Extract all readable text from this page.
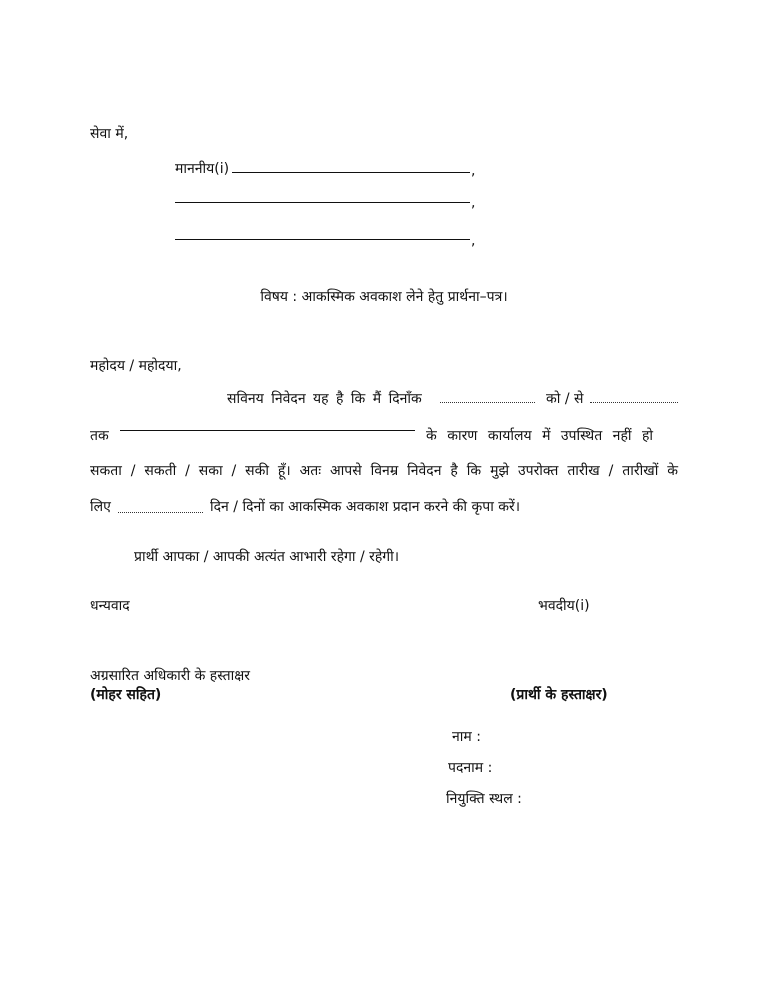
सेवा में,
माननीय(i)	,
,
,
विषय : आकस्मिक अवकाश लेने हेतु प्रार्थना–पत्र।
महोदय / महोदया,
सविनय निवेदन यह है कि मैं दिनाँक	को / से
तक	के कारण कार्यालय में उपस्थित नहीं हो
सकता / सकती / सका / सकी हूँ। अतः आपसे विनम्र निवेदन है कि मुझे उपरोक्त तारीख / तारीखों के
लिए	दिन / दिनों का आकस्मिक अवकाश प्रदान करने की कृपा करें।
प्रार्थी आपका / आपकी अत्यंत आभारी रहेगा / रहेगी।
धन्यवाद	भवदीय(i)
अग्रसारित अधिकारी के हस्ताक्षर
(मोहर सहित)	(प्रार्थी के हस्ताक्षर)
नाम :
पदनाम :
नियुक्ति स्थल :
